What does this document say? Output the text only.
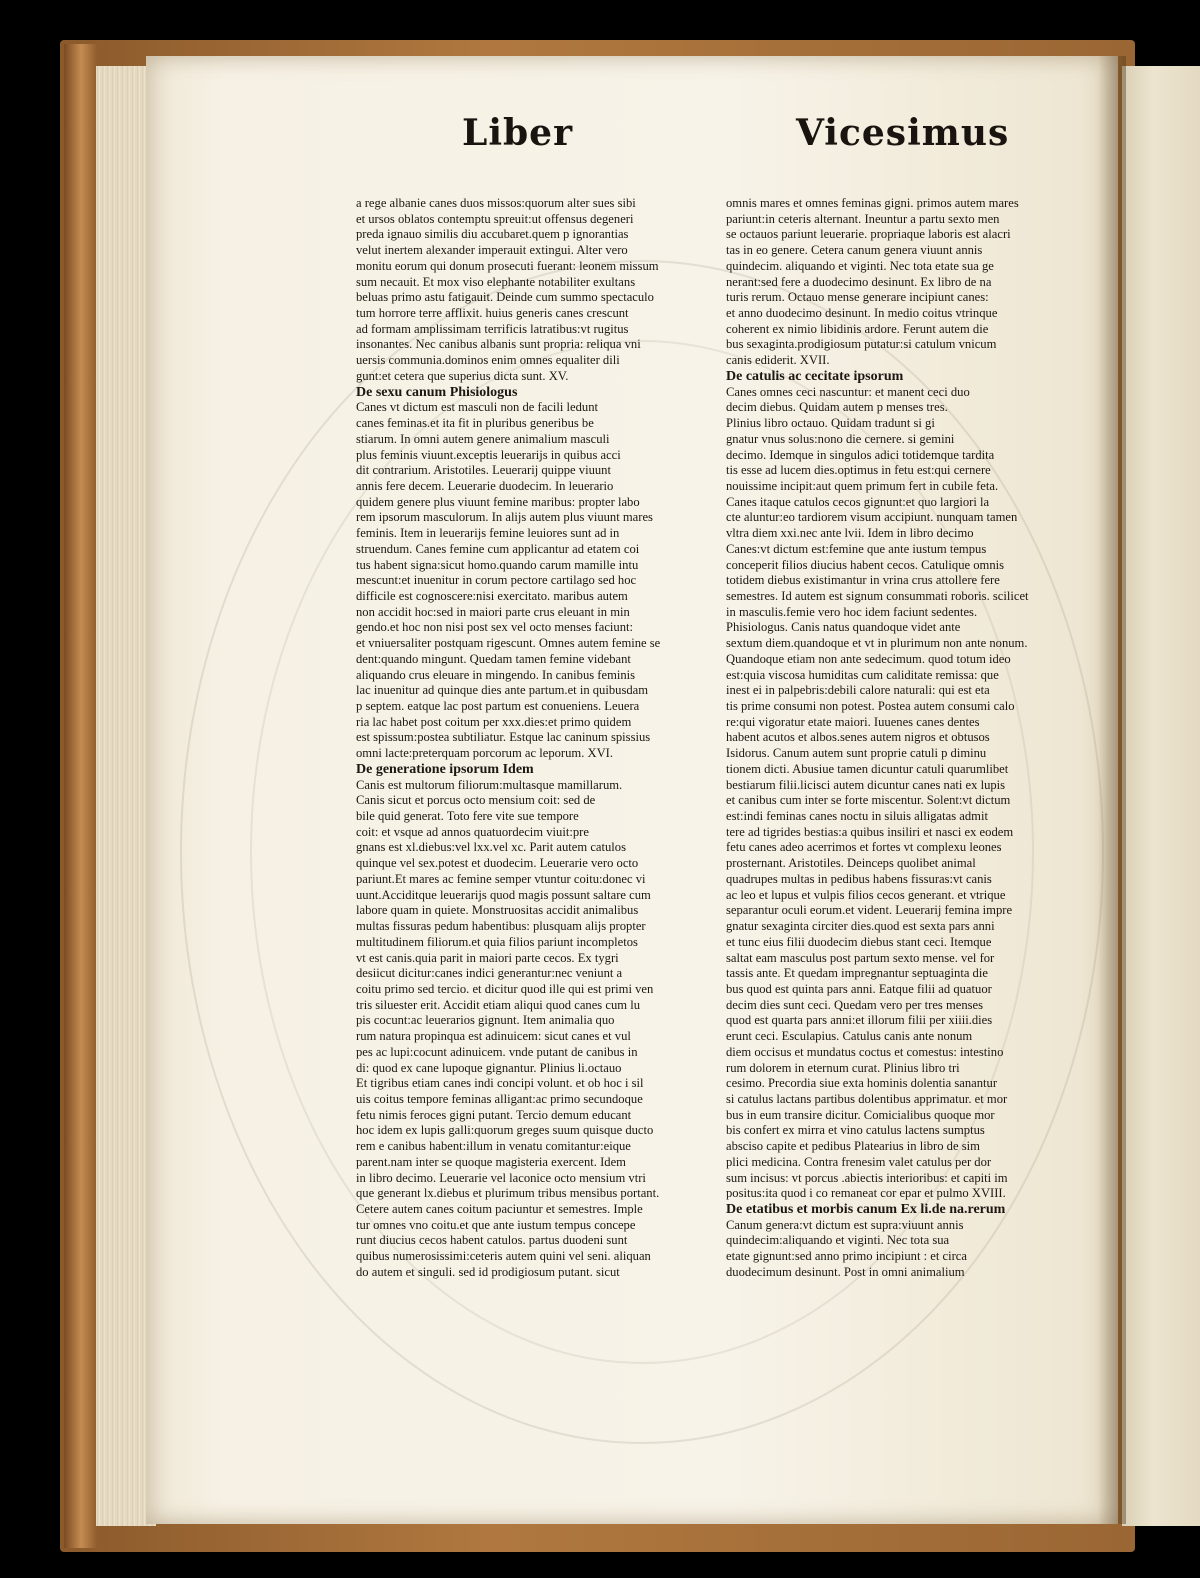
Liber	Vicesimus
a rege albanie canes duos missos:quorum alter sues sibi
et ursos oblatos contemptu spreuit:ut offensus degeneri
preda ignauo similis diu accubaret.quem p ignorantias
velut inertem alexander imperauit extingui. Alter vero
monitu eorum qui donum prosecuti fuerant: leonem missum
sum necauit. Et mox viso elephante notabiliter exultans
beluas primo astu fatigauit. Deinde cum summo spectaculo
tum horrore terre afflixit. huius generis canes crescunt
ad formam amplissimam terrificis latratibus:vt rugitus
insonantes. Nec canibus albanis sunt propria: reliqua vni
uersis communia.dominos enim omnes equaliter dili
gunt:et cetera que superius dicta sunt. XV.
De sexu canum Phisiologus
Canes vt dictum est masculi non de facili ledunt
canes feminas.et ita fit in pluribus generibus be
stiarum. In omni autem genere animalium masculi
plus feminis viuunt.exceptis leuerarijs in quibus acci
dit contrarium. Aristotiles. Leuerarij quippe viuunt
annis fere decem. Leuerarie duodecim. In leuerario
quidem genere plus viuunt femine maribus: propter labo
rem ipsorum masculorum. In alijs autem plus viuunt mares
feminis. Item in leuerarijs femine leuiores sunt ad in
struendum. Canes femine cum applicantur ad etatem coi
tus habent signa:sicut homo.quando carum mamille intu
mescunt:et inuenitur in corum pectore cartilago sed hoc
difficile est cognoscere:nisi exercitato. maribus autem
non accidit hoc:sed in maiori parte crus eleuant in min
gendo.et hoc non nisi post sex vel octo menses faciunt:
et vniuersaliter postquam rigescunt. Omnes autem femine se
dent:quando mingunt. Quedam tamen femine videbant
aliquando crus eleuare in mingendo. In canibus feminis
lac inuenitur ad quinque dies ante partum.et in quibusdam
p septem. eatque lac post partum est conueniens. Leuera
ria lac habet post coitum per xxx.dies:et primo quidem
est spissum:postea subtiliatur. Estque lac caninum spissius
omni lacte:preterquam porcorum ac leporum. XVI.
De generatione ipsorum Idem
Canis est multorum filiorum:multasque mamillarum.
Canis sicut et porcus octo mensium coit: sed de
bile quid generat. Toto fere vite sue tempore
coit: et vsque ad annos quatuordecim viuit:pre
gnans est xl.diebus:vel lxx.vel xc. Parit autem catulos
quinque vel sex.potest et duodecim. Leuerarie vero octo
pariunt.Et mares ac femine semper vtuntur coitu:donec vi
uunt.Acciditque leuerarijs quod magis possunt saltare cum
labore quam in quiete. Monstruositas accidit animalibus
multas fissuras pedum habentibus: plusquam alijs propter
multitudinem filiorum.et quia filios pariunt incompletos
vt est canis.quia parit in maiori parte cecos. Ex tygri
desiicut dicitur:canes indici generantur:nec veniunt a
coitu primo sed tercio. et dicitur quod ille qui est primi ven
tris siluester erit. Accidit etiam aliqui quod canes cum lu
pis cocunt:ac leuerarios gignunt. Item animalia quo
rum natura propinqua est adinuicem: sicut canes et vul
pes ac lupi:cocunt adinuicem. vnde putant de canibus in
di: quod ex cane lupoque gignantur. Plinius li.octauo
Et tigribus etiam canes indi concipi volunt. et ob hoc i sil
uis coitus tempore feminas alligant:ac primo secundoque
fetu nimis feroces gigni putant. Tercio demum educant
hoc idem ex lupis galli:quorum greges suum quisque ducto
rem e canibus habent:illum in venatu comitantur:eique
parent.nam inter se quoque magisteria exercent. Idem
in libro decimo. Leuerarie vel laconice octo mensium vtri
que generant lx.diebus et plurimum tribus mensibus portant.
Cetere autem canes coitum paciuntur et semestres. Imple
tur omnes vno coitu.et que ante iustum tempus concepe
runt diucius cecos habent catulos. partus duodeni sunt
quibus numerosissimi:ceteris autem quini vel seni. aliquan
do autem et singuli. sed id prodigiosum putant. sicut
omnis mares et omnes feminas gigni. primos autem mares
pariunt:in ceteris alternant. Ineuntur a partu sexto men
se octauos pariunt leuerarie. propriaque laboris est alacri
tas in eo genere. Cetera canum genera viuunt annis
quindecim. aliquando et viginti. Nec tota etate sua ge
nerant:sed fere a duodecimo desinunt. Ex libro de na
turis rerum. Octauo mense generare incipiunt canes:
et anno duodecimo desinunt. In medio coitus vtrinque
coherent ex nimio libidinis ardore. Ferunt autem die
bus sexaginta.prodigiosum putatur:si catulum vnicum
canis ediderit. XVII.
De catulis ac cecitate ipsorum
Canes omnes ceci nascuntur: et manent ceci duo
decim diebus. Quidam autem p menses tres.
Plinius libro octauo. Quidam tradunt si gi
gnatur vnus solus:nono die cernere. si gemini
decimo. Idemque in singulos adici totidemque tardita
tis esse ad lucem dies.optimus in fetu est:qui cernere
nouissime incipit:aut quem primum fert in cubile feta.
Canes itaque catulos cecos gignunt:et quo largiori la
cte aluntur:eo tardiorem visum accipiunt. nunquam tamen
vltra diem xxi.nec ante lvii. Idem in libro decimo
Canes:vt dictum est:femine que ante iustum tempus
conceperit filios diucius habent cecos. Catulique omnis
totidem diebus existimantur in vrina crus attollere fere
semestres. Id autem est signum consummati roboris. scilicet
in masculis.femie vero hoc idem faciunt sedentes.
Phisiologus. Canis natus quandoque videt ante
sextum diem.quandoque et vt in plurimum non ante nonum.
Quandoque etiam non ante sedecimum. quod totum ideo
est:quia viscosa humiditas cum caliditate remissa: que
inest ei in palpebris:debili calore naturali: qui est eta
tis prime consumi non potest. Postea autem consumi calo
re:qui vigoratur etate maiori. Iuuenes canes dentes
habent acutos et albos.senes autem nigros et obtusos
Isidorus. Canum autem sunt proprie catuli p diminu
tionem dicti. Abusiue tamen dicuntur catuli quarumlibet
bestiarum filii.licisci autem dicuntur canes nati ex lupis
et canibus cum inter se forte miscentur. Solent:vt dictum
est:indi feminas canes noctu in siluis alligatas admit
tere ad tigrides bestias:a quibus insiliri et nasci ex eodem
fetu canes adeo acerrimos et fortes vt complexu leones
prosternant. Aristotiles. Deinceps quolibet animal
quadrupes multas in pedibus habens fissuras:vt canis
ac leo et lupus et vulpis filios cecos generant. et vtrique
separantur oculi eorum.et vident. Leuerarij femina impre
gnatur sexaginta circiter dies.quod est sexta pars anni
et tunc eius filii duodecim diebus stant ceci. Itemque
saltat eam masculus post partum sexto mense. vel for
tassis ante. Et quedam impregnantur septuaginta die
bus quod est quinta pars anni. Eatque filii ad quatuor
decim dies sunt ceci. Quedam vero per tres menses
quod est quarta pars anni:et illorum filii per xiiii.dies
erunt ceci. Esculapius. Catulus canis ante nonum
diem occisus et mundatus coctus et comestus: intestino
rum dolorem in eternum curat. Plinius libro tri
cesimo. Precordia siue exta hominis dolentia sanantur
si catulus lactans partibus dolentibus apprimatur. et mor
bus in eum transire dicitur. Comicialibus quoque mor
bis confert ex mirra et vino catulus lactens sumptus
absciso capite et pedibus Platearius in libro de sim
plici medicina. Contra frenesim valet catulus per dor
sum incisus: vt porcus .abiectis interioribus: et capiti im
positus:ita quod i co remaneat cor epar et pulmo XVIII.
De etatibus et morbis canum Ex li.de na.rerum
Canum genera:vt dictum est supra:viuunt annis
quindecim:aliquando et viginti. Nec tota sua
etate gignunt:sed anno primo incipiunt : et circa
duodecimum desinunt. Post in omni animalium
